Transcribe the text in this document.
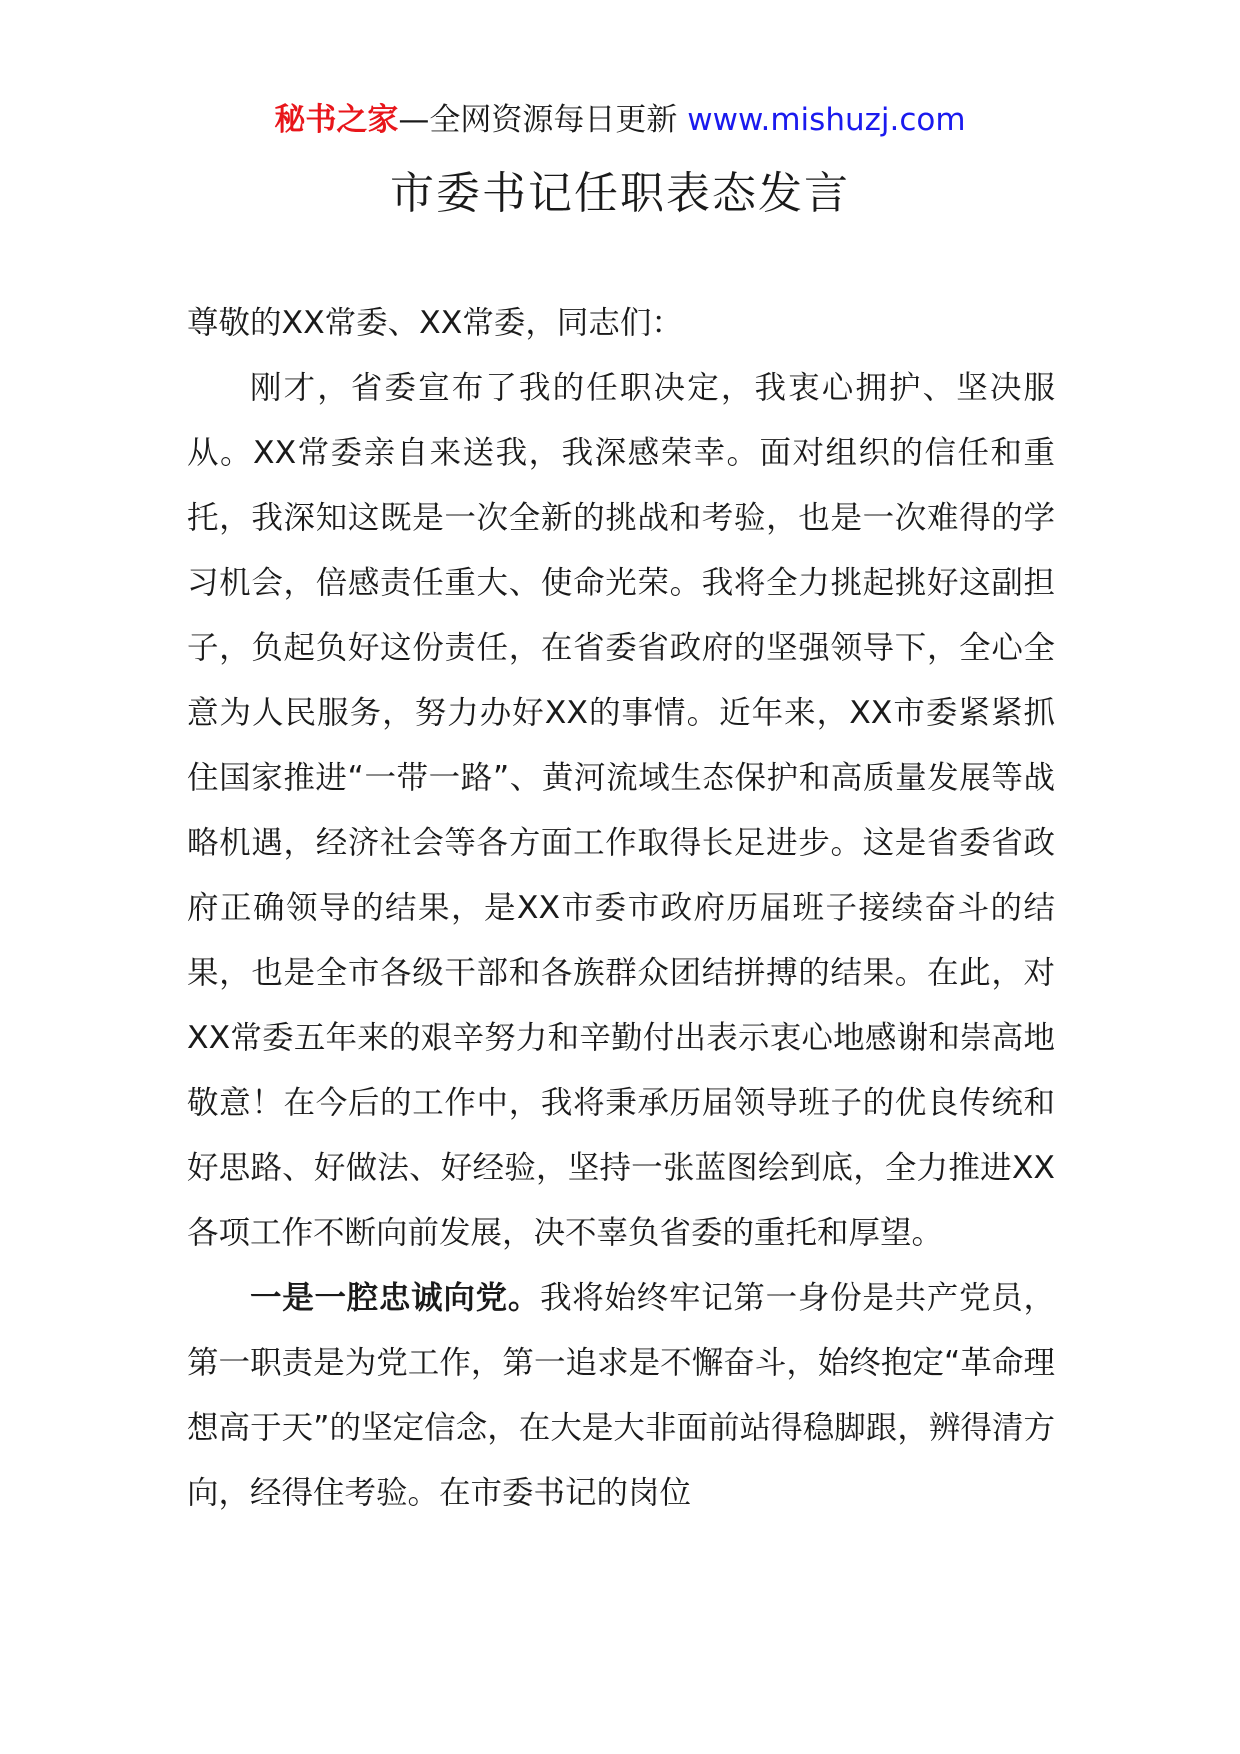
秘书之家—全网资源每日更新 www.mishuzj.com
市委书记任职表态发言

尊敬的XX常委、XX常委，同志们：

刚才，省委宣布了我的任职决定，我衷心拥护、坚决服从。XX常委亲自来送我，我深感荣幸。面对组织的信任和重托，我深知这既是一次全新的挑战和考验，也是一次难得的学习机会，倍感责任重大、使命光荣。我将全力挑起挑好这副担子，负起负好这份责任，在省委省政府的坚强领导下，全心全意为人民服务，努力办好XX的事情。近年来，XX市委紧紧抓住国家推进“一带一路”、黄河流域生态保护和高质量发展等战略机遇，经济社会等各方面工作取得长足进步。这是省委省政府正确领导的结果，是XX市委市政府历届班子接续奋斗的结果，也是全市各级干部和各族群众团结拼搏的结果。在此，对XX常委五年来的艰辛努力和辛勤付出表示衷心地感谢和崇高地敬意！在今后的工作中，我将秉承历届领导班子的优良传统和好思路、好做法、好经验，坚持一张蓝图绘到底，全力推进XX各项工作不断向前发展，决不辜负省委的重托和厚望。

一是一腔忠诚向党。我将始终牢记第一身份是共产党员，第一职责是为党工作，第一追求是不懈奋斗，始终抱定“革命理想高于天”的坚定信念，在大是大非面前站得稳脚跟，辨得清方向，经得住考验。在市委书记的岗位
